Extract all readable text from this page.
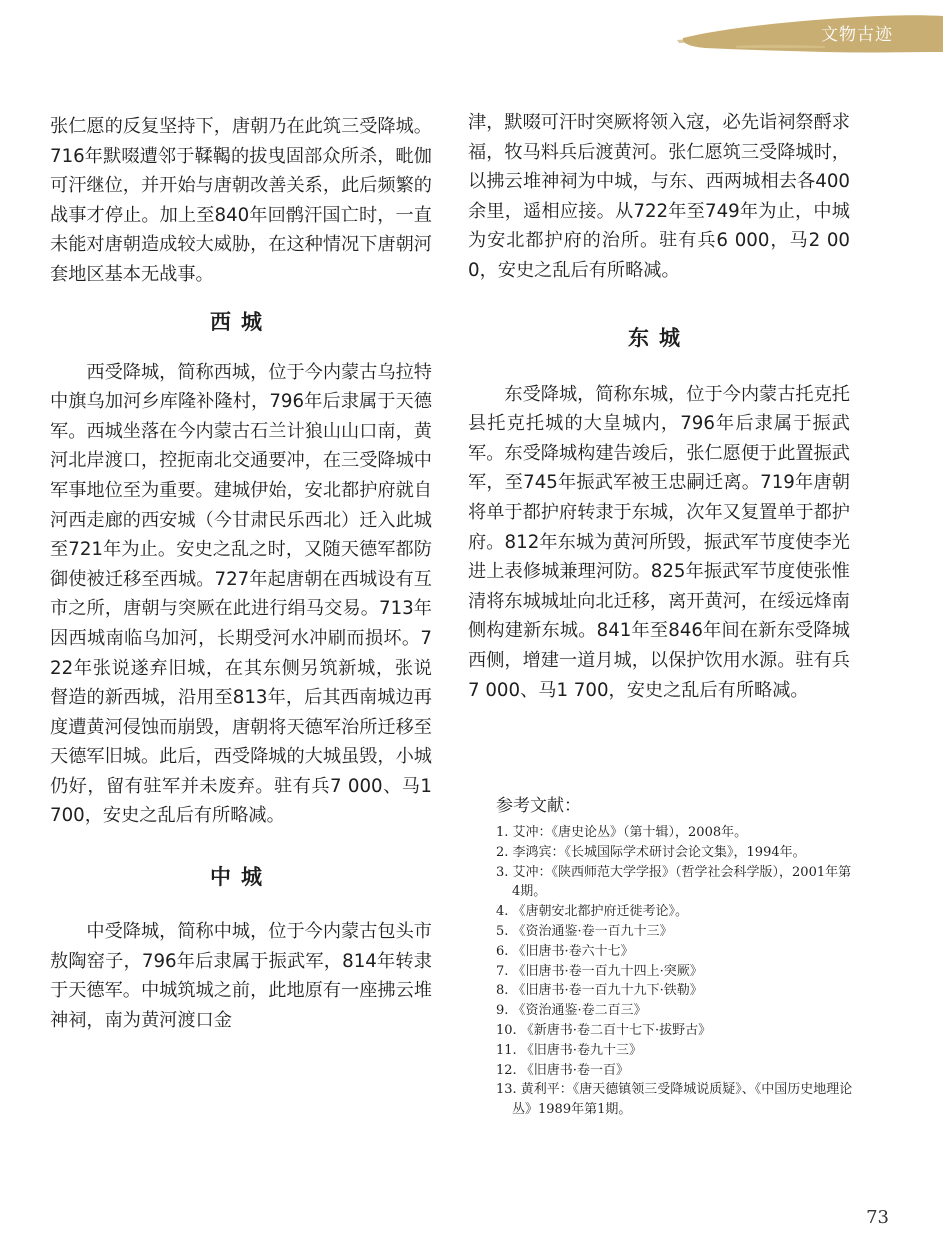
文物古迹

张仁愿的反复坚持下，唐朝乃在此筑三受降城。716年默啜遭邻于鞣鞨的拔曳固部众所杀，毗伽可汗继位，并开始与唐朝改善关系，此后频繁的战事才停止。加上至840年回鹘汗国亡时，一直未能对唐朝造成较大威胁，在这种情况下唐朝河套地区基本无战事。

西城

西受降城，简称西城，位于今内蒙古乌拉特中旗乌加河乡库隆补隆村，796年后隶属于天德军。西城坐落在今内蒙古石兰计狼山山口南，黄河北岸渡口，控扼南北交通要冲，在三受降城中军事地位至为重要。建城伊始，安北都护府就自河西走廊的西安城（今甘肃民乐西北）迁入此城至721年为止。安史之乱之时，又随天德军都防御使被迁移至西城。727年起唐朝在西城设有互市之所，唐朝与突厥在此进行绢马交易。713年因西城南临乌加河，长期受河水冲刷而损坏。722年张说遂弃旧城，在其东侧另筑新城，张说督造的新西城，沿用至813年，后其西南城边再度遭黄河侵蚀而崩毁，唐朝将天德军治所迁移至天德军旧城。此后，西受降城的大城虽毁，小城仍好，留有驻军并未废弃。驻有兵7 000、马1 700，安史之乱后有所略减。

中城

中受降城，简称中城，位于今内蒙古包头市敖陶窑子，796年后隶属于振武军，814年转隶于天德军。中城筑城之前，此地原有一座拂云堆神祠，南为黄河渡口金

津，默啜可汗时突厥将领入寇，必先诣祠祭酹求福，牧马料兵后渡黄河。张仁愿筑三受降城时，以拂云堆神祠为中城，与东、西两城相去各400余里，遥相应接。从722年至749年为止，中城为安北都护府的治所。驻有兵6 000，马2 000，安史之乱后有所略减。

东城

东受降城，简称东城，位于今内蒙古托克托县托克托城的大皇城内，796年后隶属于振武军。东受降城构建告竣后，张仁愿便于此置振武军，至745年振武军被王忠嗣迁离。719年唐朝将单于都护府转隶于东城，次年又复置单于都护府。812年东城为黄河所毁，振武军节度使李光进上表修城兼理河防。825年振武军节度使张惟清将东城城址向北迁移，离开黄河，在绥远烽南侧构建新东城。841年至846年间在新东受降城西侧，增建一道月城，以保护饮用水源。驻有兵7 000、马1 700，安史之乱后有所略减。

参考文献：

1. 艾冲：《唐史论丛》（第十辑），2008年。

2. 李鸿宾：《长城国际学术研讨会论文集》，1994年。

3. 艾冲：《陕西师范大学学报》（哲学社会科学版），2001年第4期。

4. 《唐朝安北都护府迁徙考论》。

5. 《资治通鉴·卷一百九十三》

6. 《旧唐书·卷六十七》

7. 《旧唐书·卷一百九十四上·突厥》

8. 《旧唐书·卷一百九十九下·铁勒》

9. 《资治通鉴·卷二百三》

10. 《新唐书·卷二百十七下·拔野古》

11. 《旧唐书·卷九十三》

12. 《旧唐书·卷一百》

13. 黄利平：《唐天德镇领三受降城说质疑》、《中国历史地理论丛》1989年第1期。

73
